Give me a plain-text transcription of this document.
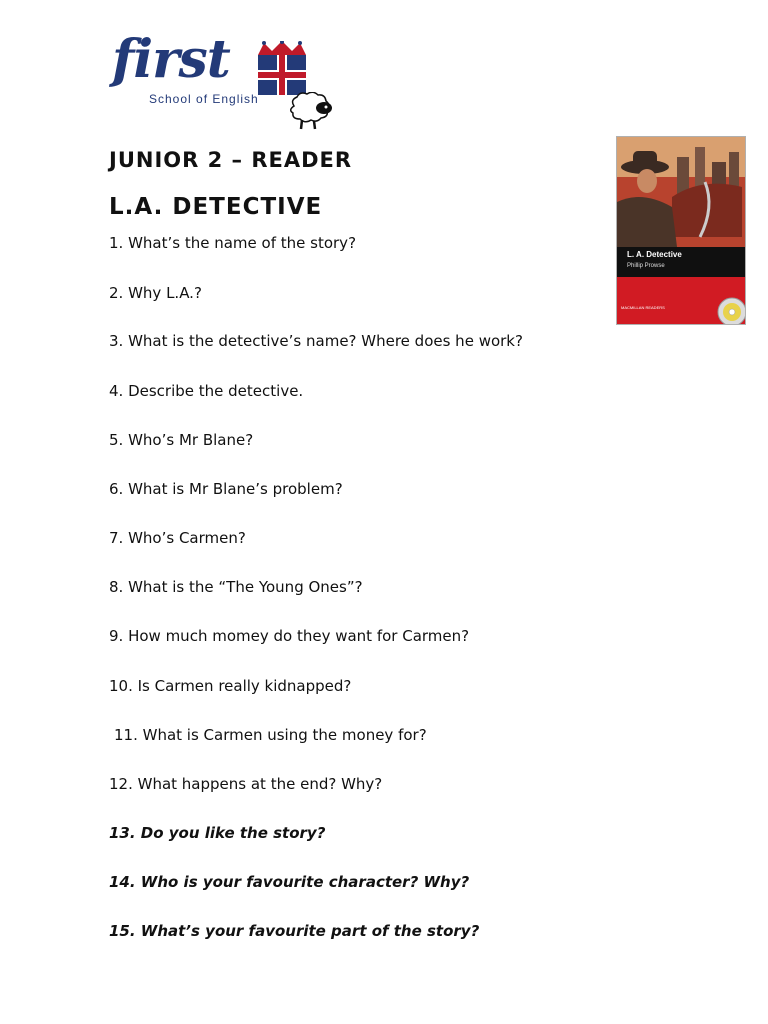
first
School of English
JUNIOR 2 – READER
L.A. DETECTIVE
1. What’s the name of the story?
2. Why L.A.?
3. What is the detective’s name? Where does he work?
4. Describe the detective.
5. Who’s Mr Blane?
6. What is Mr Blane’s problem?
7. Who’s Carmen?
8. What is the “The Young Ones”?
9. How much momey do they want for Carmen?
10. Is Carmen really kidnapped?
11. What is Carmen using the money for?
12. What happens at the end? Why?
13. Do you like the story?
14. Who is your favourite character? Why?
15. What’s your favourite part of the story?
L. A. Detective
Phillip Prowse
MACMILLAN READERS
